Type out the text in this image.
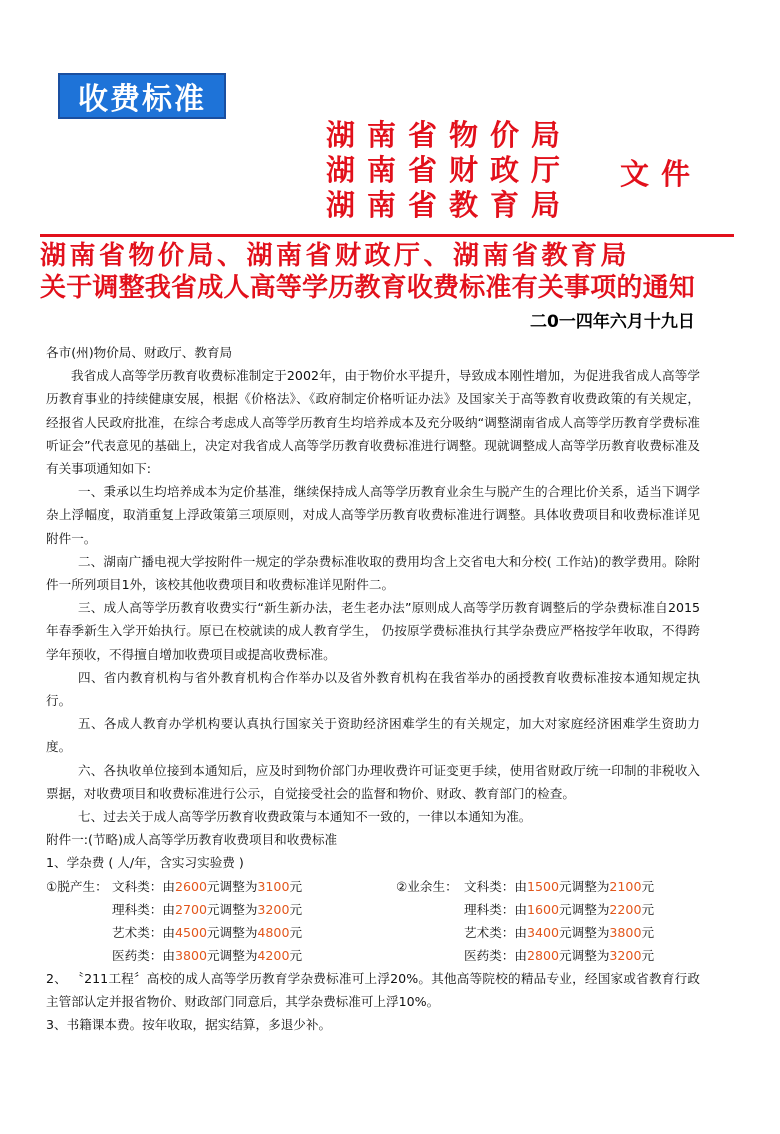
收费标准
湖南省物价局
湖南省财政厅
湖南省教育局
文件
湖南省物价局、湖南省财政厅、湖南省教育局
关于调整我省成人高等学历教育收费标准有关事项的通知
二0一四年六月十九日

各市(州)物价局、财政厅、教育局

我省成人高等学历教育收费标准制定于2002年，由于物价水平提升，导致成本刚性增加，为促进我省成人高等学历教育事业的持续健康安展，根据《价格法》、《政府制定价格听证办法》及国家关于高等教育收费政策的有关规定，经报省人民政府批准，在综合考虑成人高等学历教育生均培养成本及充分吸纳“调整湖南省成人高等学历教育学费标准听证会”代表意见的基础上，决定对我省成人高等学历教育收费标准进行调整。现就调整成人高等学历教育收费标准及有关事项通知如下:

一、秉承以生均培养成本为定价基准，继续保持成人高等学历教育业余生与脱产生的合理比价关系，适当下调学杂上浮幅度，取消重复上浮政策第三项原则，对成人高等学历教育收费标准进行调整。具体收费项目和收费标准详见附件一。

二、湖南广播电视大学按附件一规定的学杂费标准收取的费用均含上交省电大和分校( 工作站)的教学费用。除附件一所列项目1外，该校其他收费项目和收费标准详见附件二。

三、成人高等学历教育收费实行“新生新办法，老生老办法”原则成人高等学历教育调整后的学杂费标准自2015年春季新生入学开始执行。原已在校就读的成人教育学生， 仍按原学费标准执行其学杂费应严格按学年收取，不得跨学年预收，不得擅自增加收费项目或提高收费标准。

四、省内教育机构与省外教育机构合作举办以及省外教育机构在我省举办的函授教育收费标准按本通知规定执行。

五、各成人教育办学机构要认真执行国家关于资助经济困难学生的有关规定，加大对家庭经济困难学生资助力度。

六、各执收单位接到本通知后，应及时到物价部门办理收费许可证变更手续，使用省财政厅统一印制的非税收入票据，对收费项目和收费标准进行公示，自觉接受社会的监督和物价、财政、教育部门的检查。

七、过去关于成人高等学历教育收费政策与本通知不一致的，一律以本通知为准。

附件一:(节略)成人高等学历教育收费项目和收费标准

1、学杂费 ( 人/年，含实习实验费 )

①脱产生：	②业余生：
文科类：由2600元调整为3100元
理科类：由2700元调整为3200元
艺术类：由4500元调整为4800元
医药类：由3800元调整为4200元
文科类：由1500元调整为2100元
理科类：由1600元调整为2200元
艺术类：由3400元调整为3800元
医药类：由2800元调整为3200元

2、 〝211工程〞高校的成人高等学历教育学杂费标准可上浮20%。其他高等院校的精品专业，经国家或省教育行政主管部认定并报省物价、财政部门同意后，其学杂费标准可上浮10%。

3、书籍课本费。按年收取，据实结算，多退少补。
